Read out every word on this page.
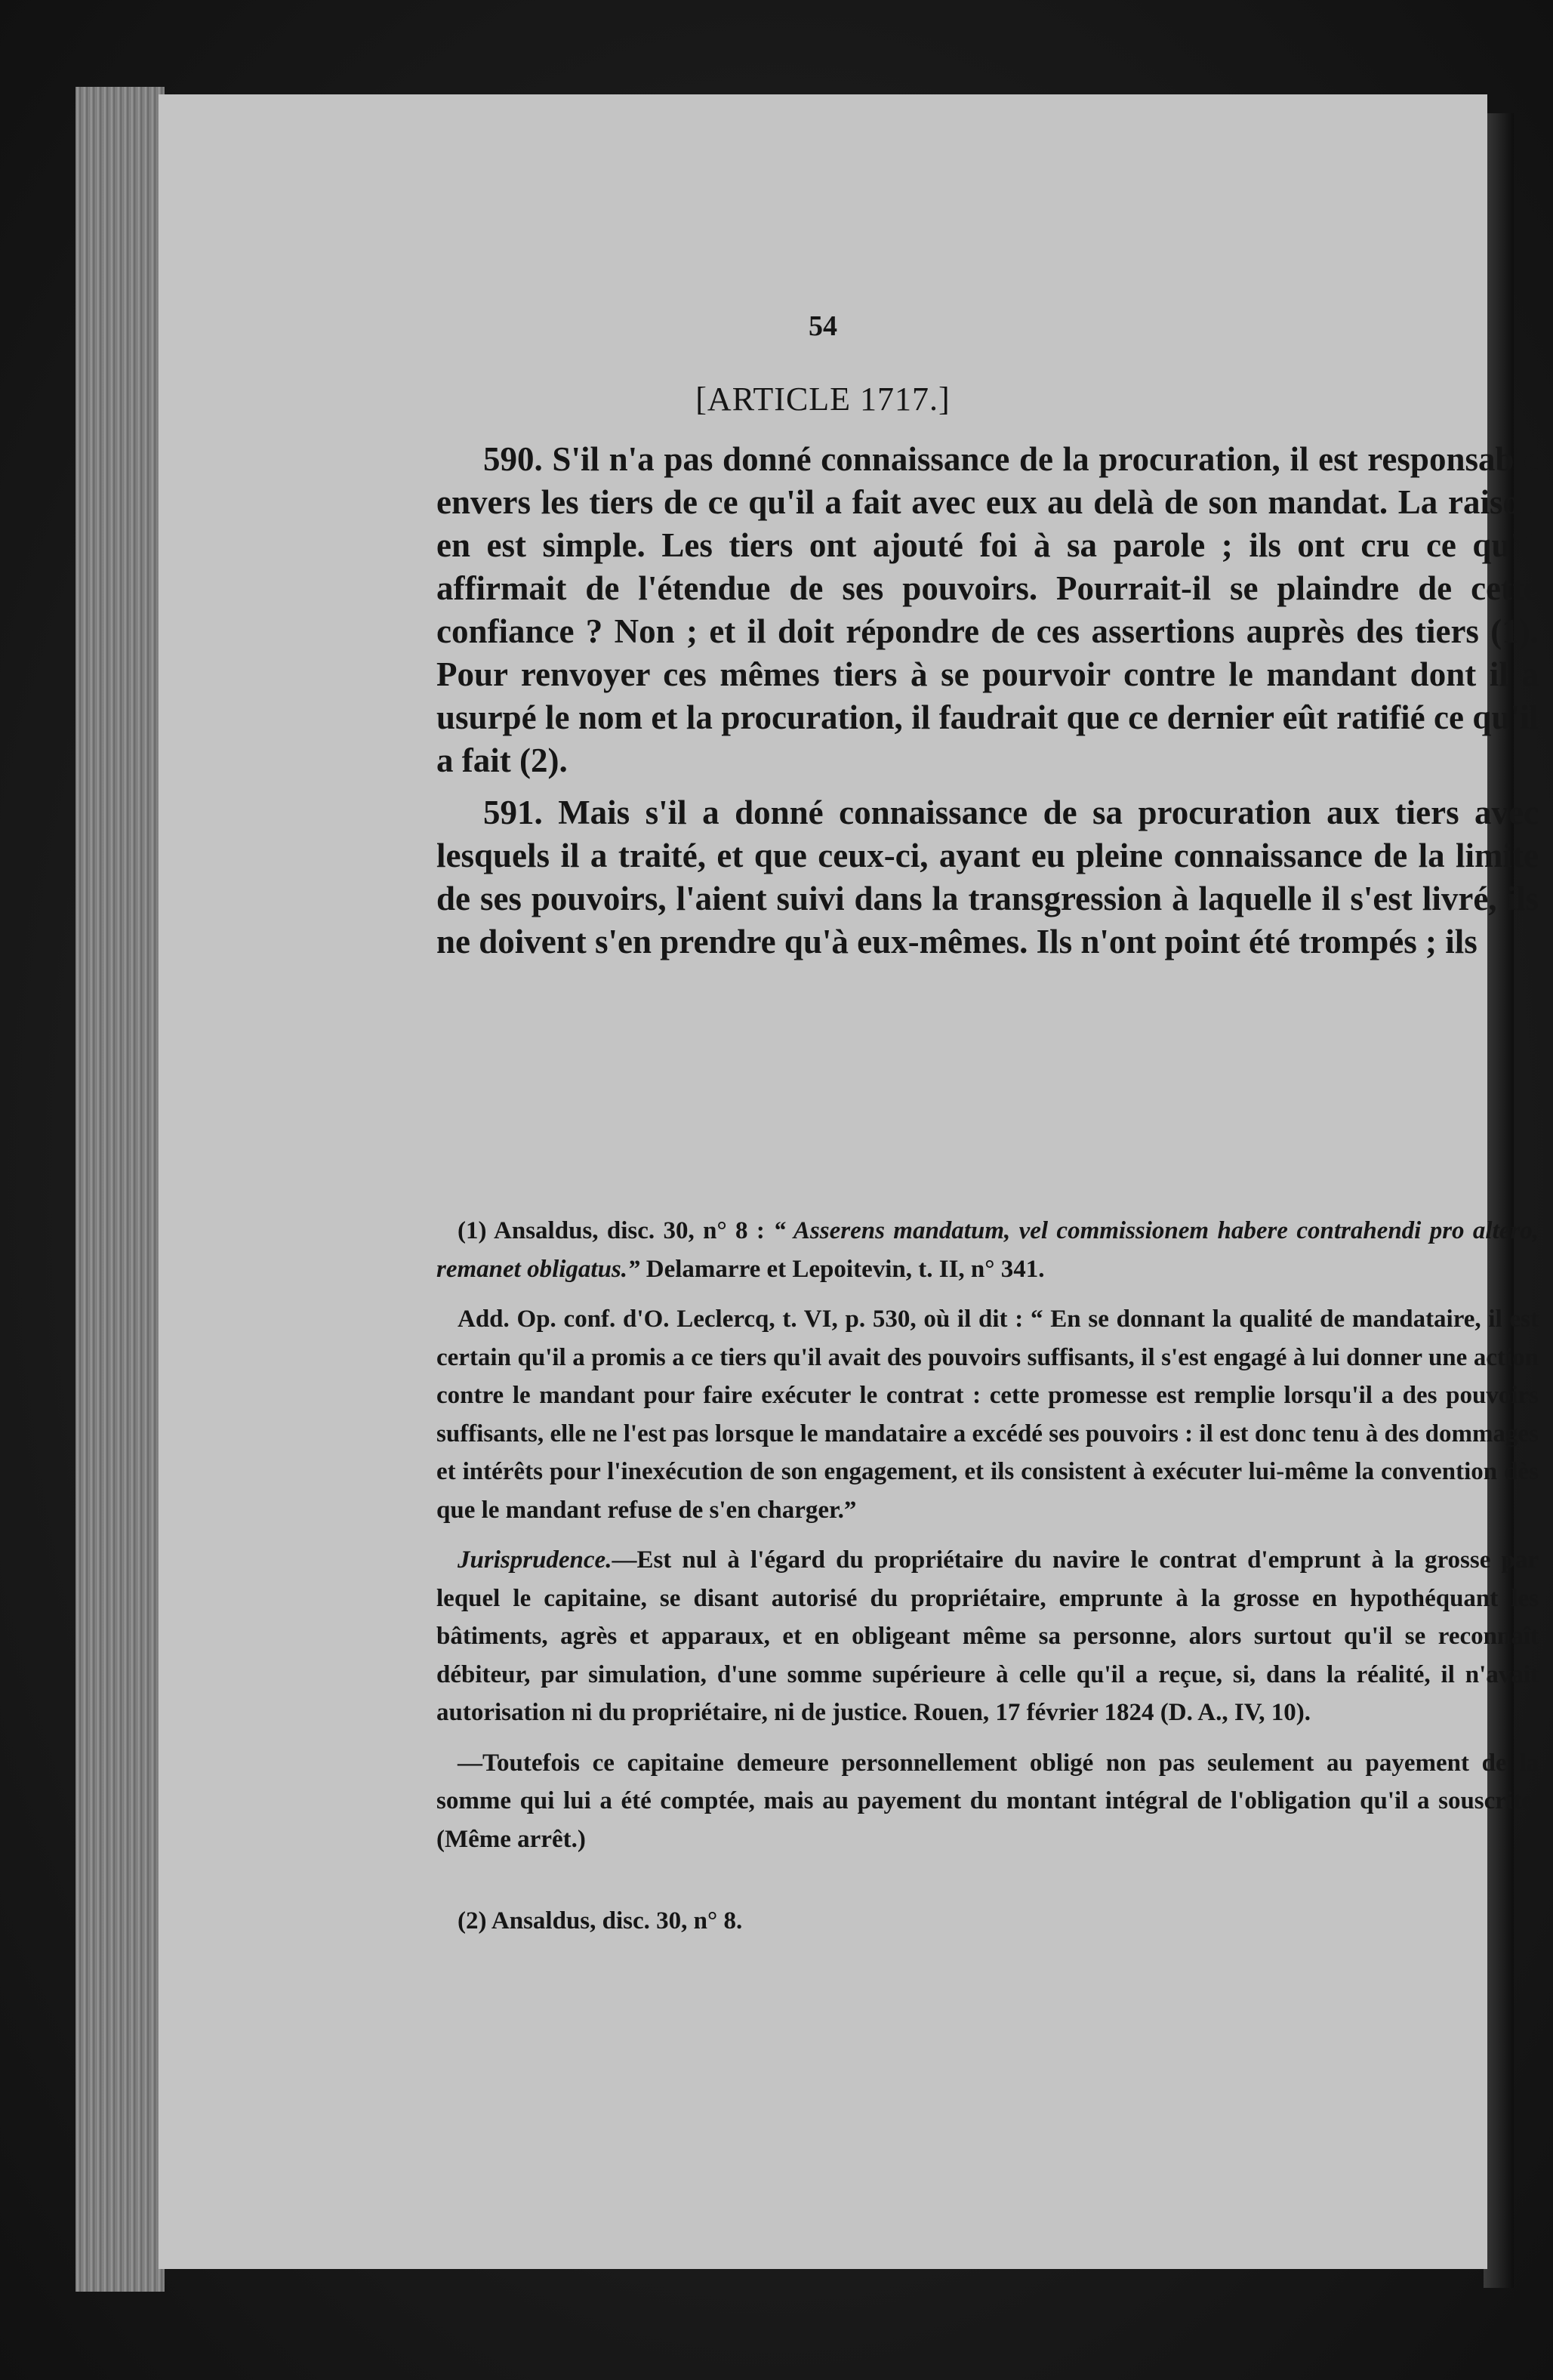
54
[ARTICLE 1717.]

590. S'il n'a pas donné connaissance de la procuration, il est responsable envers les tiers de ce qu'il a fait avec eux au delà de son mandat. La raison en est simple. Les tiers ont ajouté foi à sa parole ; ils ont cru ce qu'il affirmait de l'étendue de ses pouvoirs. Pourrait-il se plaindre de cette confiance ? Non ; et il doit répondre de ces assertions auprès des tiers (1). Pour renvoyer ces mêmes tiers à se pourvoir contre le mandant dont il a usurpé le nom et la procuration, il faudrait que ce dernier eût ratifié ce qu'il a fait (2).

591. Mais s'il a donné connaissance de sa procuration aux tiers avec lesquels il a traité, et que ceux-ci, ayant eu pleine connaissance de la limite de ses pouvoirs, l'aient suivi dans la transgression à laquelle il s'est livré, ils ne doivent s'en prendre qu'à eux-mêmes. Ils n'ont point été trompés ; ils

(1) Ansaldus, disc. 30, n° 8 : “ Asserens mandatum, vel commissionem habere contrahendi pro altero, remanet obligatus.” Delamarre et Lepoitevin, t. II, n° 341.

Add. Op. conf. d'O. Leclercq, t. VI, p. 530, où il dit : “ En se donnant la qualité de mandataire, il est certain qu'il a promis a ce tiers qu'il avait des pouvoirs suffisants, il s'est engagé à lui donner une action contre le mandant pour faire exécuter le contrat : cette promesse est remplie lorsqu'il a des pouvoirs suffisants, elle ne l'est pas lorsque le mandataire a excédé ses pouvoirs : il est donc tenu à des dommages et intérêts pour l'inexécution de son engagement, et ils consistent à exécuter lui-même la convention dès que le mandant refuse de s'en charger.”

Jurisprudence.—Est nul à l'égard du propriétaire du navire le contrat d'emprunt à la grosse par lequel le capitaine, se disant autorisé du propriétaire, emprunte à la grosse en hypothéquant les bâtiments, agrès et apparaux, et en obligeant même sa personne, alors surtout qu'il se reconnaît débiteur, par simulation, d'une somme supérieure à celle qu'il a reçue, si, dans la réalité, il n'avait autorisation ni du propriétaire, ni de justice. Rouen, 17 février 1824 (D. A., IV, 10).

—Toutefois ce capitaine demeure personnellement obligé non pas seulement au payement de la somme qui lui a été comptée, mais au payement du montant intégral de l'obligation qu'il a souscrite. (Même arrêt.)

(2) Ansaldus, disc. 30, n° 8.
